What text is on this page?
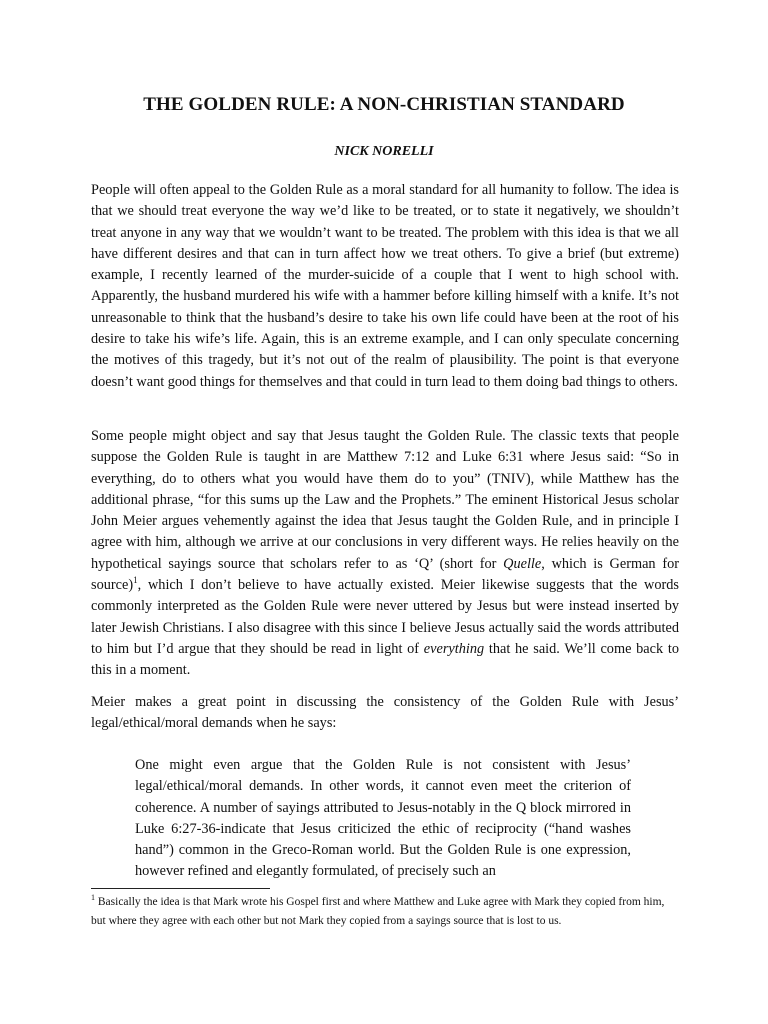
THE GOLDEN RULE: A NON-CHRISTIAN STANDARD
NICK NORELLI

People will often appeal to the Golden Rule as a moral standard for all humanity to follow. The idea is that we should treat everyone the way we’d like to be treated, or to state it negatively, we shouldn’t treat anyone in any way that we wouldn’t want to be treated. The problem with this idea is that we all have different desires and that can in turn affect how we treat others. To give a brief (but extreme) example, I recently learned of the murder-suicide of a couple that I went to high school with. Apparently, the husband murdered his wife with a hammer before killing himself with a knife. It’s not unreasonable to think that the husband’s desire to take his own life could have been at the root of his desire to take his wife’s life. Again, this is an extreme example, and I can only speculate concerning the motives of this tragedy, but it’s not out of the realm of plausibility. The point is that everyone doesn’t want good things for themselves and that could in turn lead to them doing bad things to others.

Some people might object and say that Jesus taught the Golden Rule. The classic texts that people suppose the Golden Rule is taught in are Matthew 7:12 and Luke 6:31 where Jesus said: “So in everything, do to others what you would have them do to you” (TNIV), while Matthew has the additional phrase, “for this sums up the Law and the Prophets.” The eminent Historical Jesus scholar John Meier argues vehemently against the idea that Jesus taught the Golden Rule, and in principle I agree with him, although we arrive at our conclusions in very different ways. He relies heavily on the hypothetical sayings source that scholars refer to as ‘Q’ (short for Quelle, which is German for source)$^1$, which I don’t believe to have actually existed. Meier likewise suggests that the words commonly interpreted as the Golden Rule were never uttered by Jesus but were instead inserted by later Jewish Christians. I also disagree with this since I believe Jesus actually said the words attributed to him but I’d argue that they should be read in light of everything that he said. We’ll come back to this in a moment.

Meier makes a great point in discussing the consistency of the Golden Rule with Jesus’ legal/ethical/moral demands when he says:

One might even argue that the Golden Rule is not consistent with Jesus’ legal/ethical/moral demands. In other words, it cannot even meet the criterion of coherence. A number of sayings attributed to Jesus-notably in the Q block mirrored in Luke 6:27-36-indicate that Jesus criticized the ethic of reciprocity (“hand washes hand”) common in the Greco-Roman world. But the Golden Rule is one expression, however refined and elegantly formulated, of precisely such an

$^1$ Basically the idea is that Mark wrote his Gospel first and where Matthew and Luke agree with Mark they copied from him, but where they agree with each other but not Mark they copied from a sayings source that is lost to us.
